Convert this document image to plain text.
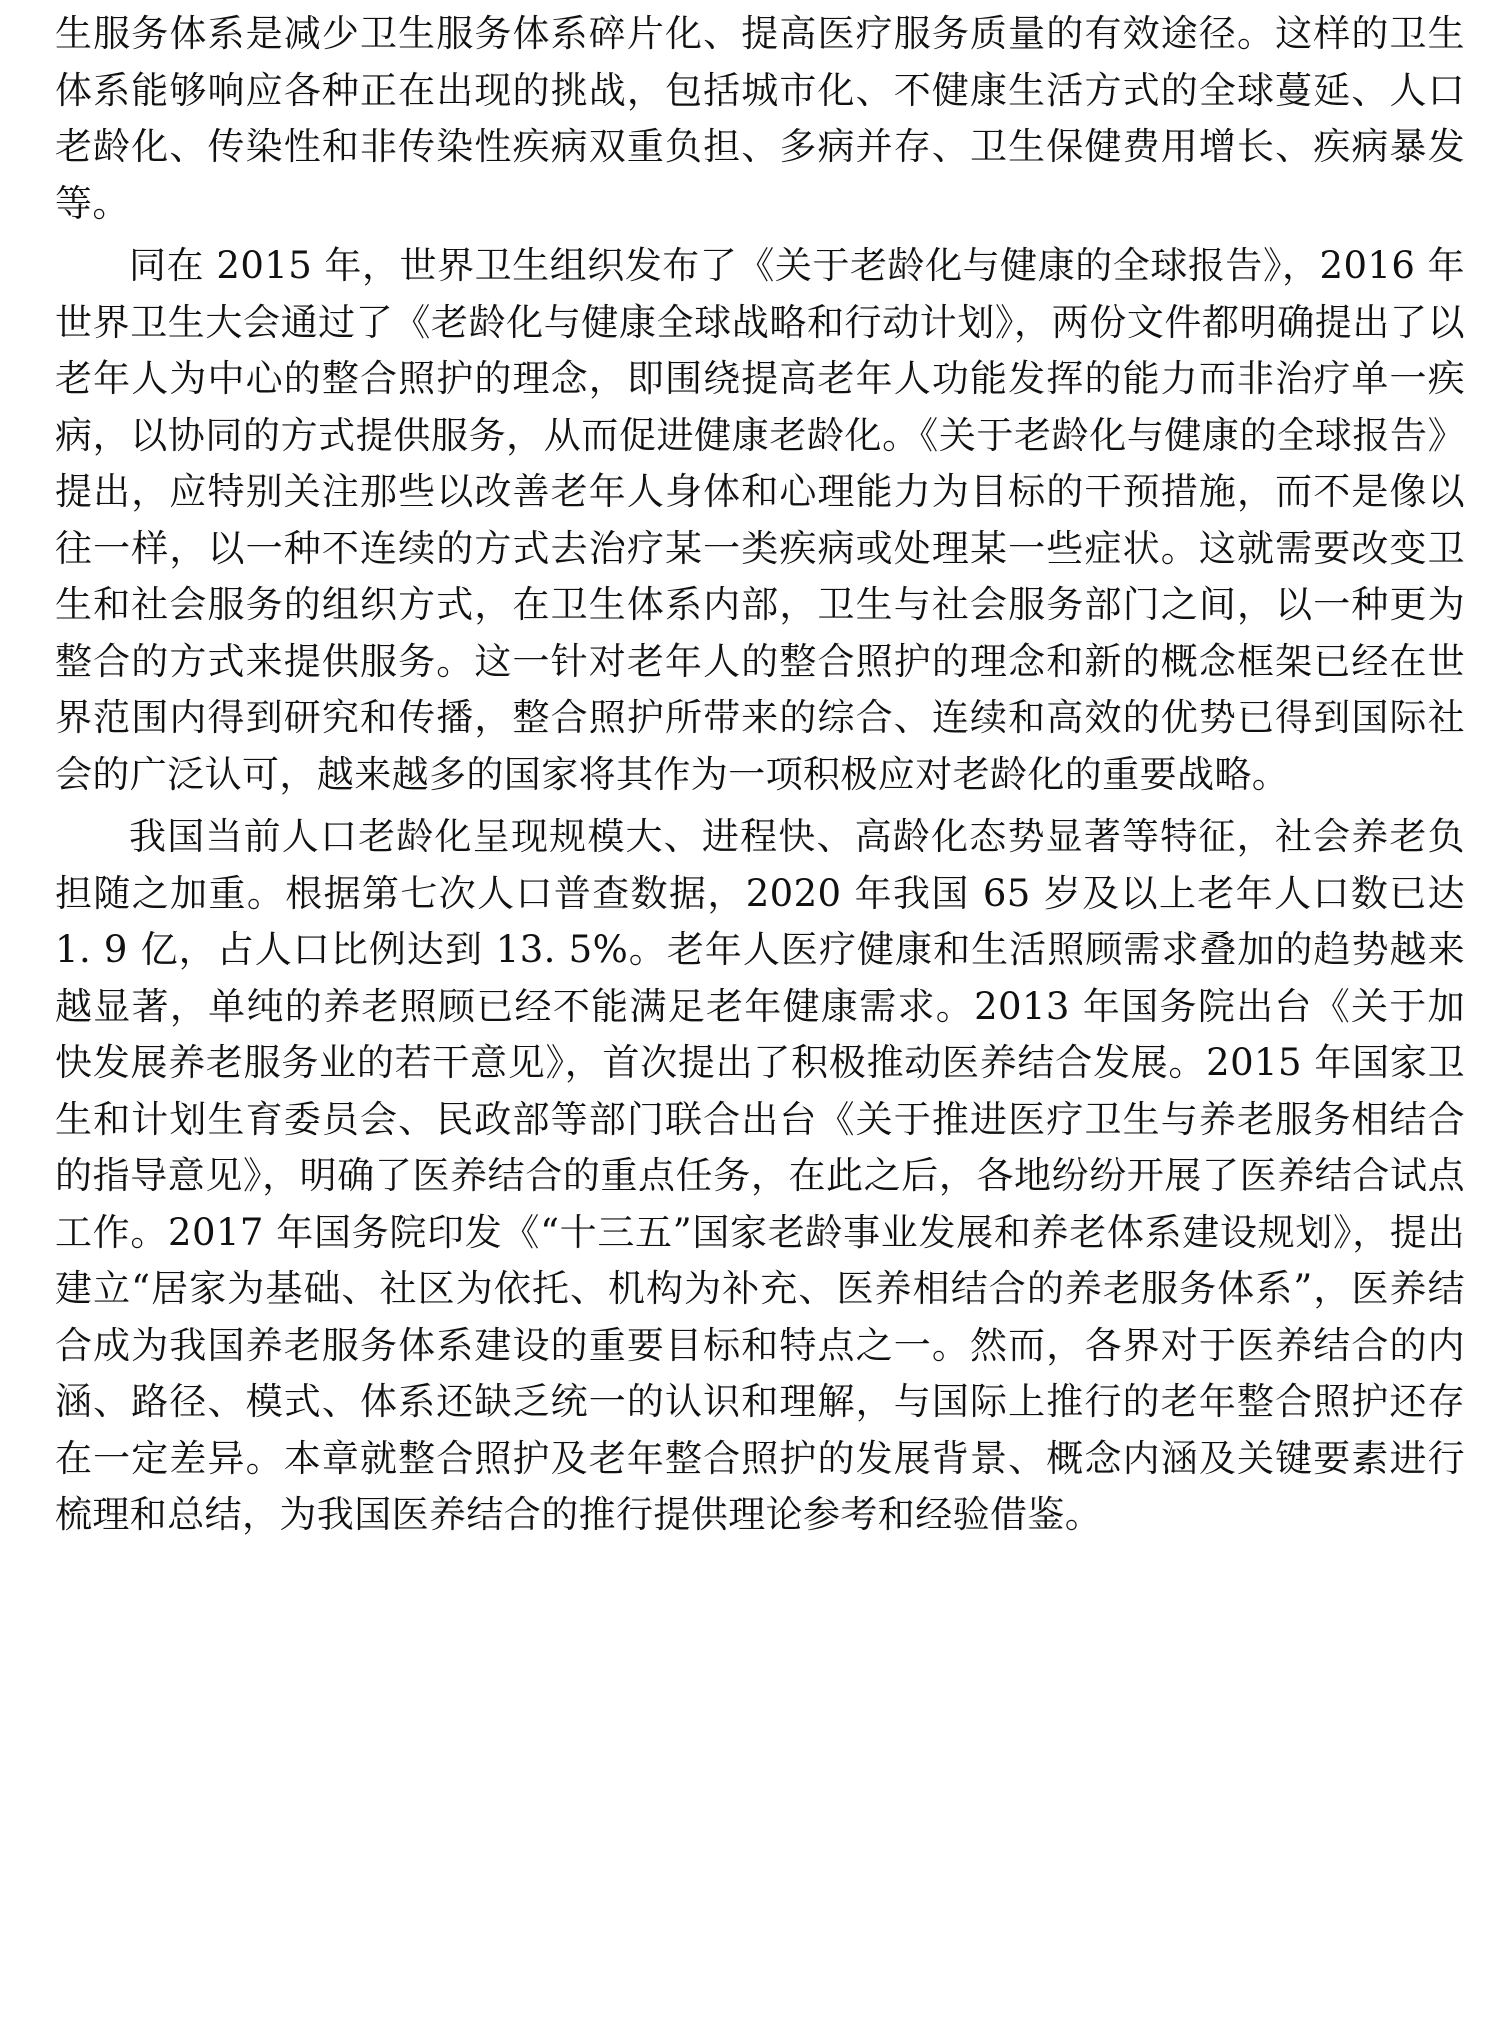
生服务体系是减少卫生服务体系碎片化、提高医疗服务质量的有效途径。这样的卫生体系能够响应各种正在出现的挑战，包括城市化、不健康生活方式的全球蔓延、人口老龄化、传染性和非传染性疾病双重负担、多病并存、卫生保健费用增长、疾病暴发等。

同在 2015 年，世界卫生组织发布了《关于老龄化与健康的全球报告》，2016 年世界卫生大会通过了《老龄化与健康全球战略和行动计划》，两份文件都明确提出了以老年人为中心的整合照护的理念，即围绕提高老年人功能发挥的能力而非治疗单一疾病，以协同的方式提供服务，从而促进健康老龄化。《关于老龄化与健康的全球报告》提出，应特别关注那些以改善老年人身体和心理能力为目标的干预措施，而不是像以往一样，以一种不连续的方式去治疗某一类疾病或处理某一些症状。这就需要改变卫生和社会服务的组织方式，在卫生体系内部，卫生与社会服务部门之间，以一种更为整合的方式来提供服务。这一针对老年人的整合照护的理念和新的概念框架已经在世界范围内得到研究和传播，整合照护所带来的综合、连续和高效的优势已得到国际社会的广泛认可，越来越多的国家将其作为一项积极应对老龄化的重要战略。

我国当前人口老龄化呈现规模大、进程快、高龄化态势显著等特征，社会养老负担随之加重。根据第七次人口普查数据，2020 年我国 65 岁及以上老年人口数已达 1. 9 亿，占人口比例达到 13. 5%。老年人医疗健康和生活照顾需求叠加的趋势越来越显著，单纯的养老照顾已经不能满足老年健康需求。2013 年国务院出台《关于加快发展养老服务业的若干意见》，首次提出了积极推动医养结合发展。2015 年国家卫生和计划生育委员会、民政部等部门联合出台《关于推进医疗卫生与养老服务相结合的指导意见》，明确了医养结合的重点任务，在此之后，各地纷纷开展了医养结合试点工作。2017 年国务院印发《“十三五”国家老龄事业发展和养老体系建设规划》，提出建立“居家为基础、社区为依托、机构为补充、医养相结合的养老服务体系”，医养结合成为我国养老服务体系建设的重要目标和特点之一。然而，各界对于医养结合的内涵、路径、模式、体系还缺乏统一的认识和理解，与国际上推行的老年整合照护还存在一定差异。本章就整合照护及老年整合照护的发展背景、概念内涵及关键要素进行梳理和总结，为我国医养结合的推行提供理论参考和经验借鉴。
